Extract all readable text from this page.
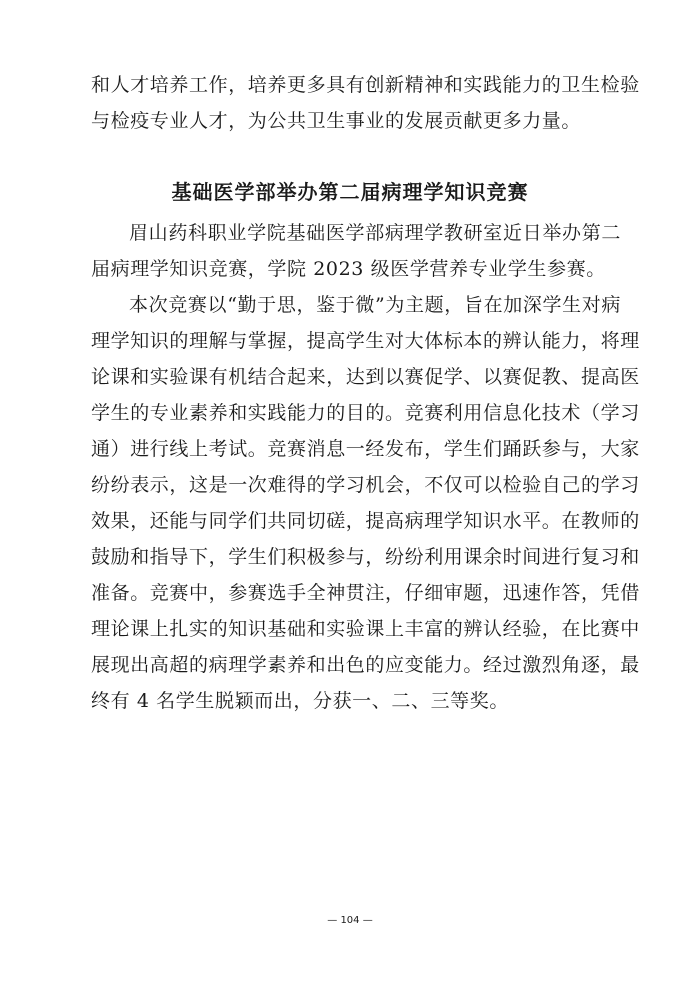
和人才培养工作，培养更多具有创新精神和实践能力的卫生检验

与检疫专业人才，为公共卫生事业的发展贡献更多力量。

基础医学部举办第二届病理学知识竞赛

眉山药科职业学院基础医学部病理学教研室近日举办第二

届病理学知识竞赛，学院 2023 级医学营养专业学生参赛。

本次竞赛以“勤于思，鉴于微”为主题，旨在加深学生对病

理学知识的理解与掌握，提高学生对大体标本的辨认能力，将理

论课和实验课有机结合起来，达到以赛促学、以赛促教、提高医

学生的专业素养和实践能力的目的。竞赛利用信息化技术（学习

通）进行线上考试。竞赛消息一经发布，学生们踊跃参与，大家

纷纷表示，这是一次难得的学习机会，不仅可以检验自己的学习

效果，还能与同学们共同切磋，提高病理学知识水平。在教师的

鼓励和指导下，学生们积极参与，纷纷利用课余时间进行复习和

准备。竞赛中，参赛选手全神贯注，仔细审题，迅速作答，凭借

理论课上扎实的知识基础和实验课上丰富的辨认经验，在比赛中

展现出高超的病理学素养和出色的应变能力。经过激烈角逐，最

终有 4 名学生脱颖而出，分获一、二、三等奖。

— 104 —
